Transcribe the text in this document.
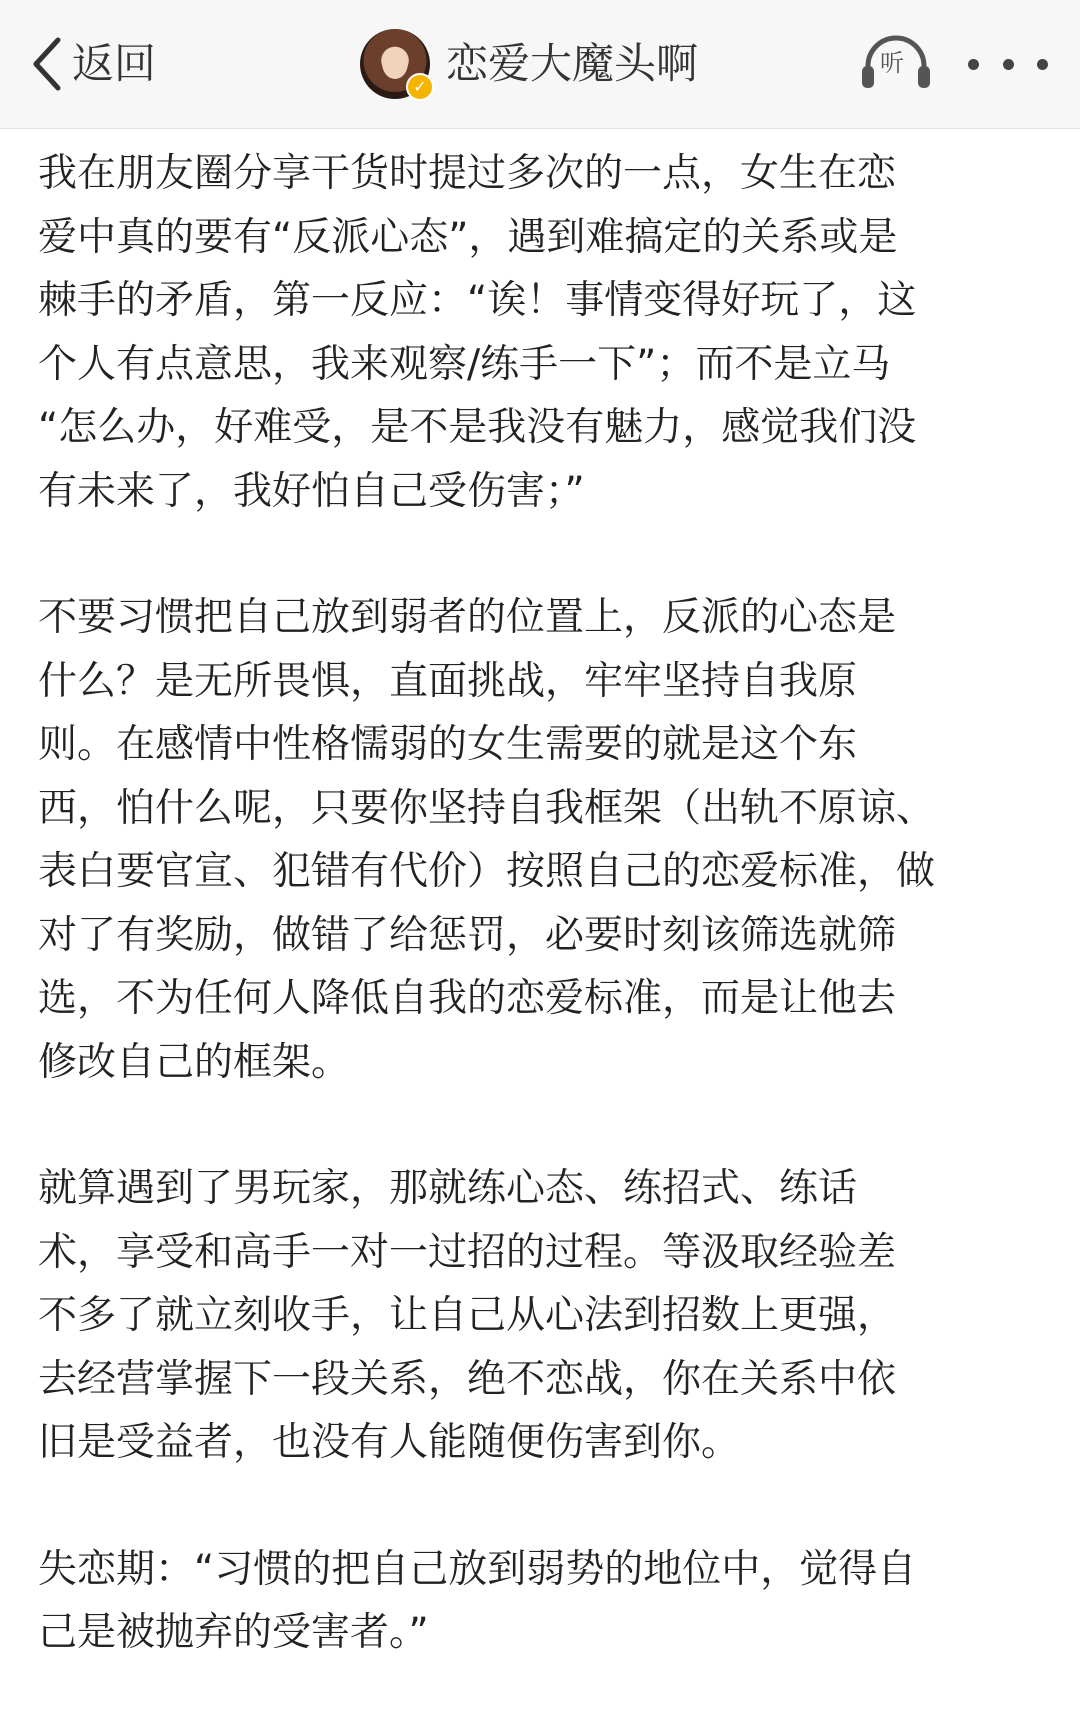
返回	✓ 恋爱大魔头啊	听

我在朋友圈分享干货时提过多次的一点，女生在恋
爱中真的要有“反派心态”，遇到难搞定的关系或是
棘手的矛盾，第一反应：“诶！事情变得好玩了，这
个人有点意思，我来观察/练手一下”；而不是立马
“怎么办，好难受，是不是我没有魅力，感觉我们没
有未来了，我好怕自己受伤害；”

不要习惯把自己放到弱者的位置上，反派的心态是
什么？是无所畏惧，直面挑战，牢牢坚持自我原
则。在感情中性格懦弱的女生需要的就是这个东
西，怕什么呢，只要你坚持自我框架（出轨不原谅、
表白要官宣、犯错有代价）按照自己的恋爱标准，做
对了有奖励，做错了给惩罚，必要时刻该筛选就筛
选，不为任何人降低自我的恋爱标准，而是让他去
修改自己的框架。

就算遇到了男玩家，那就练心态、练招式、练话
术，享受和高手一对一过招的过程。等汲取经验差
不多了就立刻收手，让自己从心法到招数上更强，
去经营掌握下一段关系，绝不恋战，你在关系中依
旧是受益者，也没有人能随便伤害到你。

失恋期：“习惯的把自己放到弱势的地位中，觉得自
己是被抛弃的受害者。”
